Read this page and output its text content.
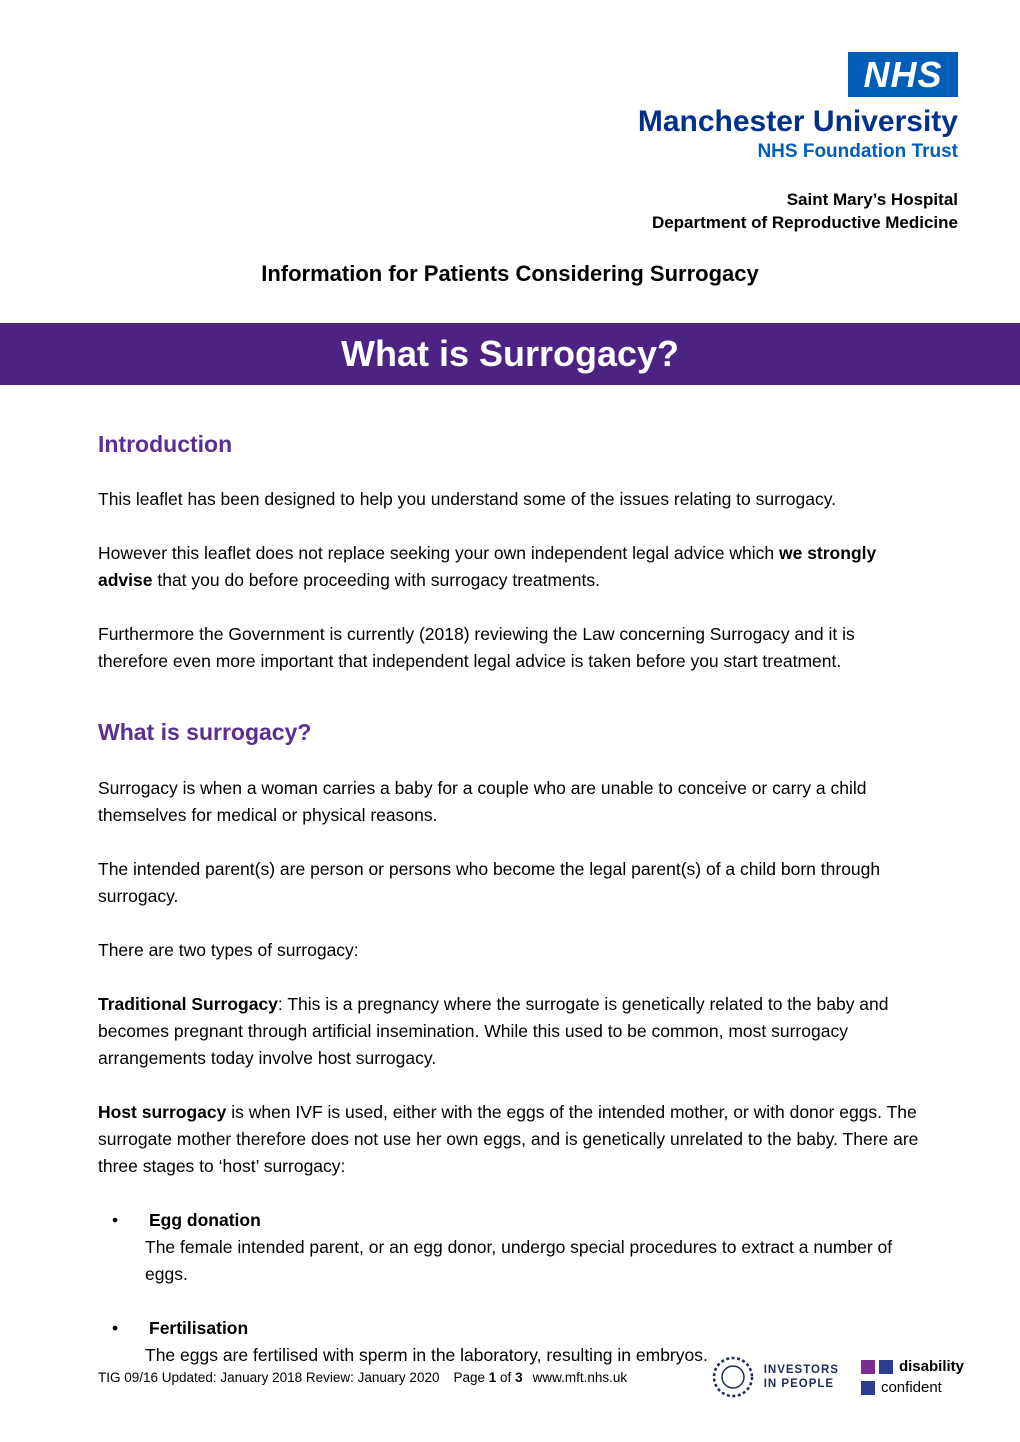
NHS
Manchester University
NHS Foundation Trust
Saint Mary’s Hospital
Department of Reproductive Medicine
Information for Patients Considering Surrogacy
What is Surrogacy?
Introduction

This leaflet has been designed to help you understand some of the issues relating to surrogacy.

However this leaflet does not replace seeking your own independent legal advice which we strongly advise that you do before proceeding with surrogacy treatments.

Furthermore the Government is currently (2018) reviewing the Law concerning Surrogacy and it is therefore even more important that independent legal advice is taken before you start treatment.

What is surrogacy?

Surrogacy is when a woman carries a baby for a couple who are unable to conceive or carry a child themselves for medical or physical reasons.

The intended parent(s) are person or persons who become the legal parent(s) of a child born through surrogacy.

There are two types of surrogacy:

Traditional Surrogacy: This is a pregnancy where the surrogate is genetically related to the baby and becomes pregnant through artificial insemination. While this used to be common, most surrogacy arrangements today involve host surrogacy.

Host surrogacy is when IVF is used, either with the eggs of the intended mother, or with donor eggs. The surrogate mother therefore does not use her own eggs, and is genetically unrelated to the baby. There are three stages to ‘host’ surrogacy:

•	Egg donation
The female intended parent, or an egg donor, undergo special procedures to extract a number of eggs.
•	Fertilisation
The eggs are fertilised with sperm in the laboratory, resulting in embryos.
TIG 09/16 Updated: January 2018 Review: January 2020 Page 1 of 3 www.mft.nhs.uk	INVESTORS
IN PEOPLE
disability
confident
